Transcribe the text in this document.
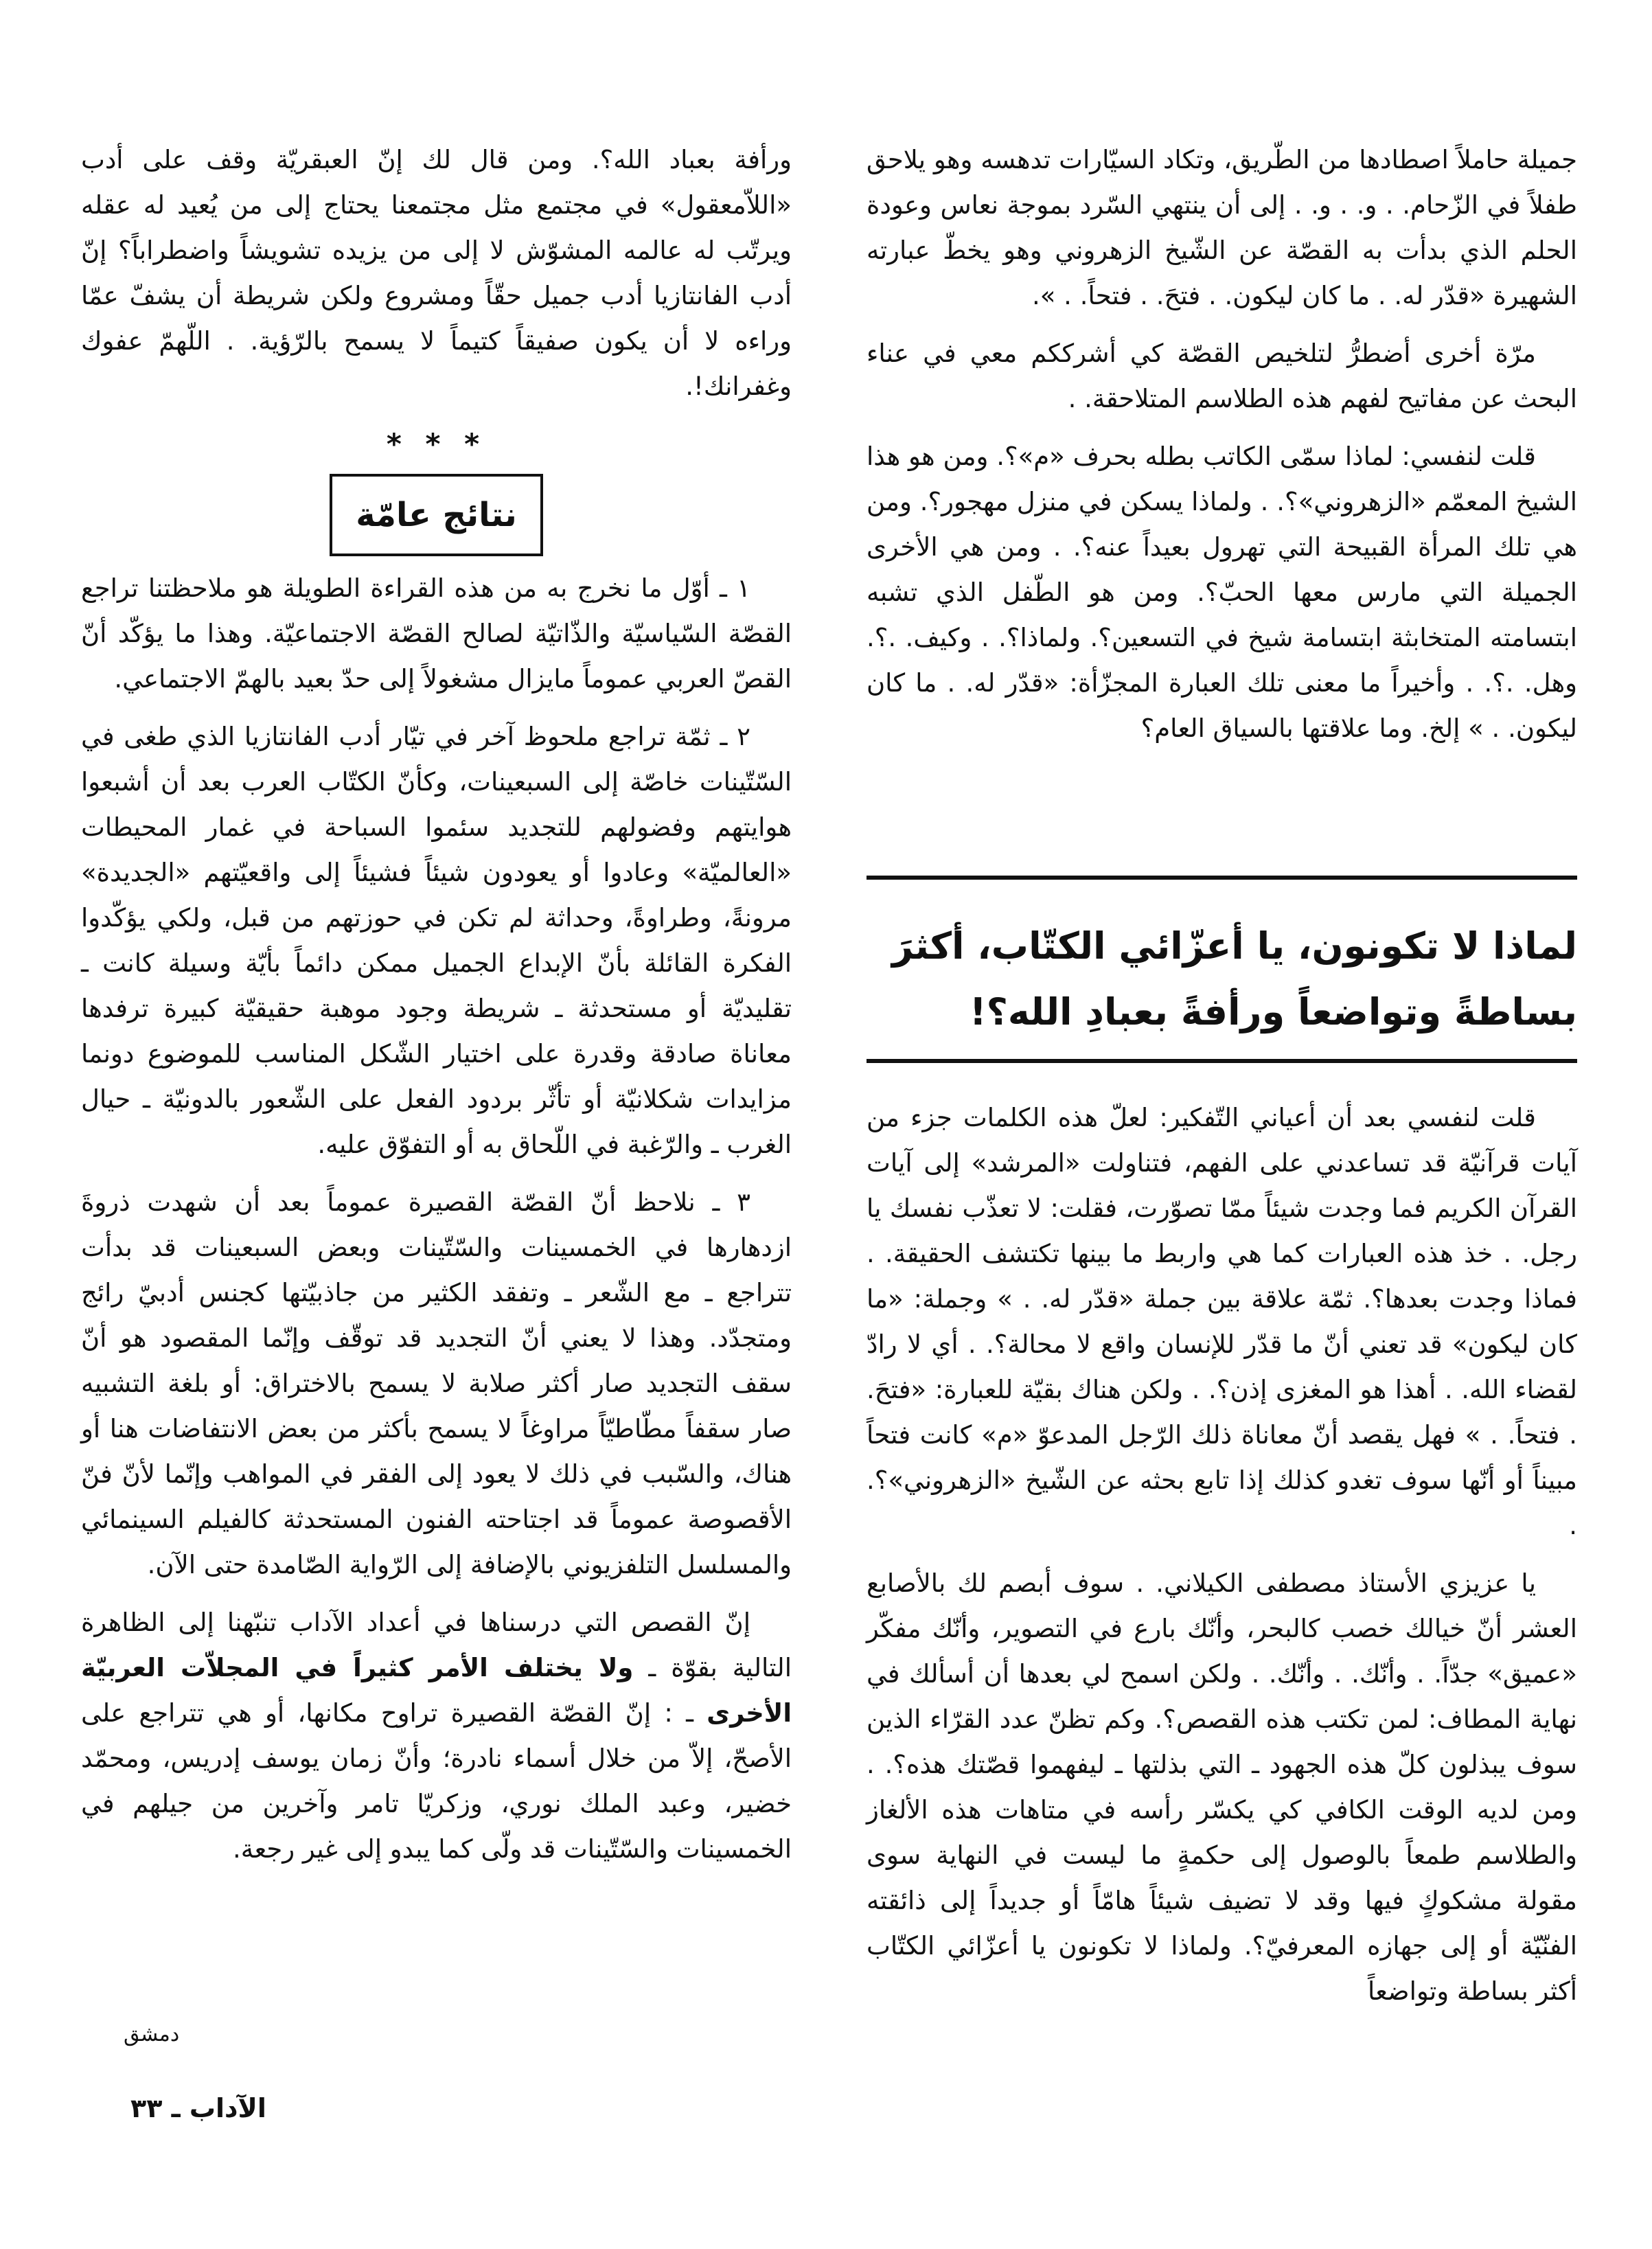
جميلة حاملاً اصطادها من الطّريق، وتكاد السيّارات تدهسه وهو يلاحق طفلاً في الزّحام. . و. . و. . إلى أن ينتهي السّرد بموجة نعاس وعودة الحلم الذي بدأت به القصّة عن الشّيخ الزهروني وهو يخطّ عبارته الشهيرة «قدّر له. . ما كان ليكون. . فتحَ. . فتحاً. . ».

مرّة أخرى أضطرُّ لتلخيص القصّة كي أشرككم معي في عناء البحث عن مفاتيح لفهم هذه الطلاسم المتلاحقة. .

قلت لنفسي: لماذا سمّى الكاتب بطله بحرف «م»؟. ومن هو هذا الشيخ المعمّم «الزهروني»؟. . ولماذا يسكن في منزل مهجور؟. ومن هي تلك المرأة القبيحة التي تهرول بعيداً عنه؟. . ومن هي الأخرى الجميلة التي مارس معها الحبّ؟. ومن هو الطّفل الذي تشبه ابتسامته المتخابثة ابتسامة شيخ في التسعين؟. ولماذا؟. . وكيف. .؟. وهل. .؟. . وأخيراً ما معنى تلك العبارة المجزّأة: «قدّر له. . ما كان ليكون. . » إلخ. وما علاقتها بالسياق العام؟

لماذا لا تكونون، يا أعزّائي الكتّاب، أكثرَ بساطةً وتواضعاً ورأفةً بعبادِ الله؟!

قلت لنفسي بعد أن أعياني التّفكير: لعلّ هذه الكلمات جزء من آيات قرآنيّة قد تساعدني على الفهم، فتناولت «المرشد» إلى آيات القرآن الكريم فما وجدت شيئاً ممّا تصوّرت، فقلت: لا تعذّب نفسك يا رجل. . خذ هذه العبارات كما هي واربط ما بينها تكتشف الحقيقة. . فماذا وجدت بعدها؟. ثمّة علاقة بين جملة «قدّر له. . » وجملة: «ما كان ليكون» قد تعني أنّ ما قدّر للإنسان واقع لا محالة؟. . أي لا رادّ لقضاء الله. . أهذا هو المغزى إذن؟. . ولكن هناك بقيّة للعبارة: «فتحَ. . فتحاً. . » فهل يقصد أنّ معاناة ذلك الرّجل المدعوّ «م» كانت فتحاً مبيناً أو أنّها سوف تغدو كذلك إذا تابع بحثه عن الشّيخ «الزهروني»؟. .

يا عزيزي الأستاذ مصطفى الكيلاني. . سوف أبصم لك بالأصابع العشر أنّ خيالك خصب كالبحر، وأنّك بارع في التصوير، وأنّك مفكّر «عميق» جدّاً. . وأنّك. . وأنّك. . ولكن اسمح لي بعدها أن أسألك في نهاية المطاف: لمن تكتب هذه القصص؟. وكم تظنّ عدد القرّاء الذين سوف يبذلون كلّ هذه الجهود ـ التي بذلتها ـ ليفهموا قصّتك هذه؟. . ومن لديه الوقت الكافي كي يكسّر رأسه في متاهات هذه الألغاز والطلاسم طمعاً بالوصول إلى حكمةٍ ما ليست في النهاية سوى مقولة مشكوكٍ فيها وقد لا تضيف شيئاً هامّاً أو جديداً إلى ذائقته الفنّيّة أو إلى جهازه المعرفيّ؟. ولماذا لا تكونون يا أعزّائي الكتّاب أكثر بساطة وتواضعاً

ورأفة بعباد الله؟. ومن قال لك إنّ العبقريّة وقف على أدب «اللاّمعقول» في مجتمع مثل مجتمعنا يحتاج إلى من يُعيد له عقله ويرتّب له عالمه المشوّش لا إلى من يزيده تشويشاً واضطراباً؟ إنّ أدب الفانتازيا أدب جميل حقّاً ومشروع ولكن شريطة أن يشفّ عمّا وراءه لا أن يكون صفيقاً كتيماً لا يسمح بالرّؤية. . اللّهمّ عفوك وغفرانك!.

* * *
نتائج عامّة

١ ـ أوّل ما نخرج به من هذه القراءة الطويلة هو ملاحظتنا تراجع القصّة السّياسيّة والذّاتيّة لصالح القصّة الاجتماعيّة. وهذا ما يؤكّد أنّ القصّ العربي عموماً مايزال مشغولاً إلى حدّ بعيد بالهمّ الاجتماعي.

٢ ـ ثمّة تراجع ملحوظ آخر في تيّار أدب الفانتازيا الذي طغى في السّتّينات خاصّة إلى السبعينات، وكأنّ الكتّاب العرب بعد أن أشبعوا هوايتهم وفضولهم للتجديد سئموا السباحة في غمار المحيطات «العالميّة» وعادوا أو يعودون شيئاً فشيئاً إلى واقعيّتهم «الجديدة» مرونةً، وطراوةً، وحداثة لم تكن في حوزتهم من قبل، ولكي يؤكّدوا الفكرة القائلة بأنّ الإبداع الجميل ممكن دائماً بأيّة وسيلة كانت ـ تقليديّة أو مستحدثة ـ شريطة وجود موهبة حقيقيّة كبيرة ترفدها معاناة صادقة وقدرة على اختيار الشّكل المناسب للموضوع دونما مزايدات شكلانيّة أو تأثّر بردود الفعل على الشّعور بالدونيّة ـ حيال الغرب ـ والرّغبة في اللّحاق به أو التفوّق عليه.

٣ ـ نلاحظ أنّ القصّة القصيرة عموماً بعد أن شهدت ذروةَ ازدهارها في الخمسينات والسّتّينات وبعض السبعينات قد بدأت تتراجع ـ مع الشّعر ـ وتفقد الكثير من جاذبيّتها كجنس أدبيّ رائج ومتجدّد. وهذا لا يعني أنّ التجديد قد توقّف وإنّما المقصود هو أنّ سقف التجديد صار أكثر صلابة لا يسمح بالاختراق: أو بلغة التشبيه صار سقفاً مطّاطيّاً مراوغاً لا يسمح بأكثر من بعض الانتفاضات هنا أو هناك، والسّبب في ذلك لا يعود إلى الفقر في المواهب وإنّما لأنّ فنّ الأقصوصة عموماً قد اجتاحته الفنون المستحدثة كالفيلم السينمائي والمسلسل التلفزيوني بالإضافة إلى الرّواية الصّامدة حتى الآن.

إنّ القصص التي درسناها في أعداد الآداب تنبّهنا إلى الظاهرة التالية بقوّة ـ ولا يختلف الأمر كثيراً في المجلاّت العربيّة الأخرى ـ : إنّ القصّة القصيرة تراوح مكانها، أو هي تتراجع على الأصحّ، إلاّ من خلال أسماء نادرة؛ وأنّ زمان يوسف إدريس، ومحمّد خضير، وعبد الملك نوري، وزكريّا تامر وآخرين من جيلهم في الخمسينات والسّتّينات قد ولّى كما يبدو إلى غير رجعة.

دمشق
الآداب ـ ٣٣
